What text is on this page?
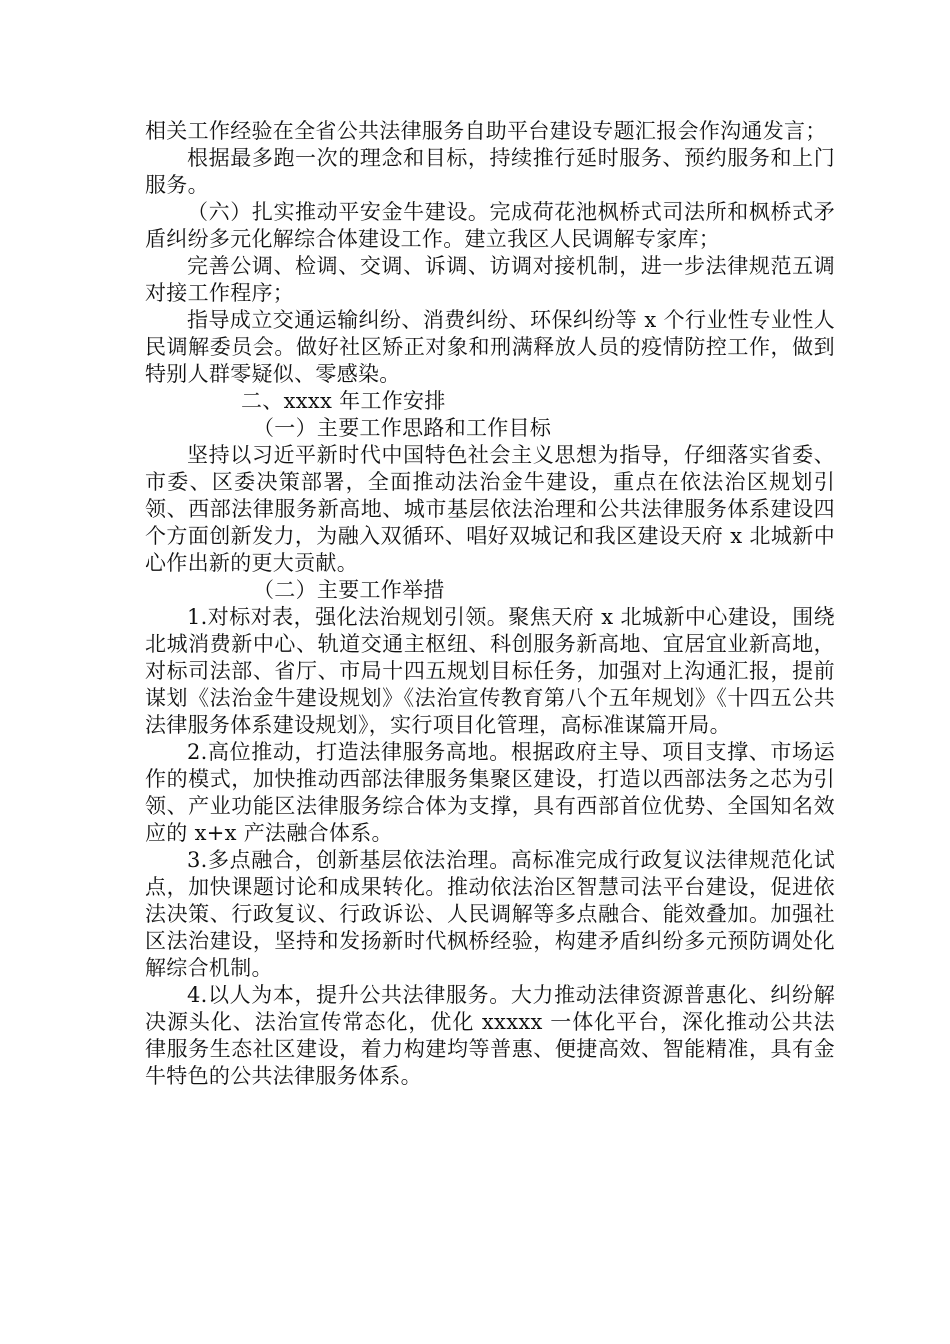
相关工作经验在全省公共法律服务自助平台建设专题汇报会作沟通发言；

根据最多跑一次的理念和目标，持续推行延时服务、预约服务和上门服务。

（六）扎实推动平安金牛建设。完成荷花池枫桥式司法所和枫桥式矛盾纠纷多元化解综合体建设工作。建立我区人民调解专家库；

完善公调、检调、交调、诉调、访调对接机制，进一步法律规范五调对接工作程序；

指导成立交通运输纠纷、消费纠纷、环保纠纷等 x 个行业性专业性人民调解委员会。做好社区矫正对象和刑满释放人员的疫情防控工作，做到特别人群零疑似、零感染。

二、xxxx 年工作安排

（一）主要工作思路和工作目标

坚持以习近平新时代中国特色社会主义思想为指导，仔细落实省委、市委、区委决策部署，全面推动法治金牛建设，重点在依法治区规划引领、西部法律服务新高地、城市基层依法治理和公共法律服务体系建设四个方面创新发力，为融入双循环、唱好双城记和我区建设天府 x 北城新中心作出新的更大贡献。

（二）主要工作举措

1.对标对表，强化法治规划引领。聚焦天府 x 北城新中心建设，围绕北城消费新中心、轨道交通主枢纽、科创服务新高地、宜居宜业新高地，对标司法部、省厅、市局十四五规划目标任务，加强对上沟通汇报，提前谋划《法治金牛建设规划》《法治宣传教育第八个五年规划》《十四五公共法律服务体系建设规划》，实行项目化管理，高标准谋篇开局。

2.高位推动，打造法律服务高地。根据政府主导、项目支撑、市场运作的模式，加快推动西部法律服务集聚区建设，打造以西部法务之芯为引领、产业功能区法律服务综合体为支撑，具有西部首位优势、全国知名效应的 x+x 产法融合体系。

3.多点融合，创新基层依法治理。高标准完成行政复议法律规范化试点，加快课题讨论和成果转化。推动依法治区智慧司法平台建设，促进依法决策、行政复议、行政诉讼、人民调解等多点融合、能效叠加。加强社区法治建设，坚持和发扬新时代枫桥经验，构建矛盾纠纷多元预防调处化解综合机制。

4.以人为本，提升公共法律服务。大力推动法律资源普惠化、纠纷解决源头化、法治宣传常态化，优化 xxxxx 一体化平台，深化推动公共法律服务生态社区建设，着力构建均等普惠、便捷高效、智能精准，具有金牛特色的公共法律服务体系。
